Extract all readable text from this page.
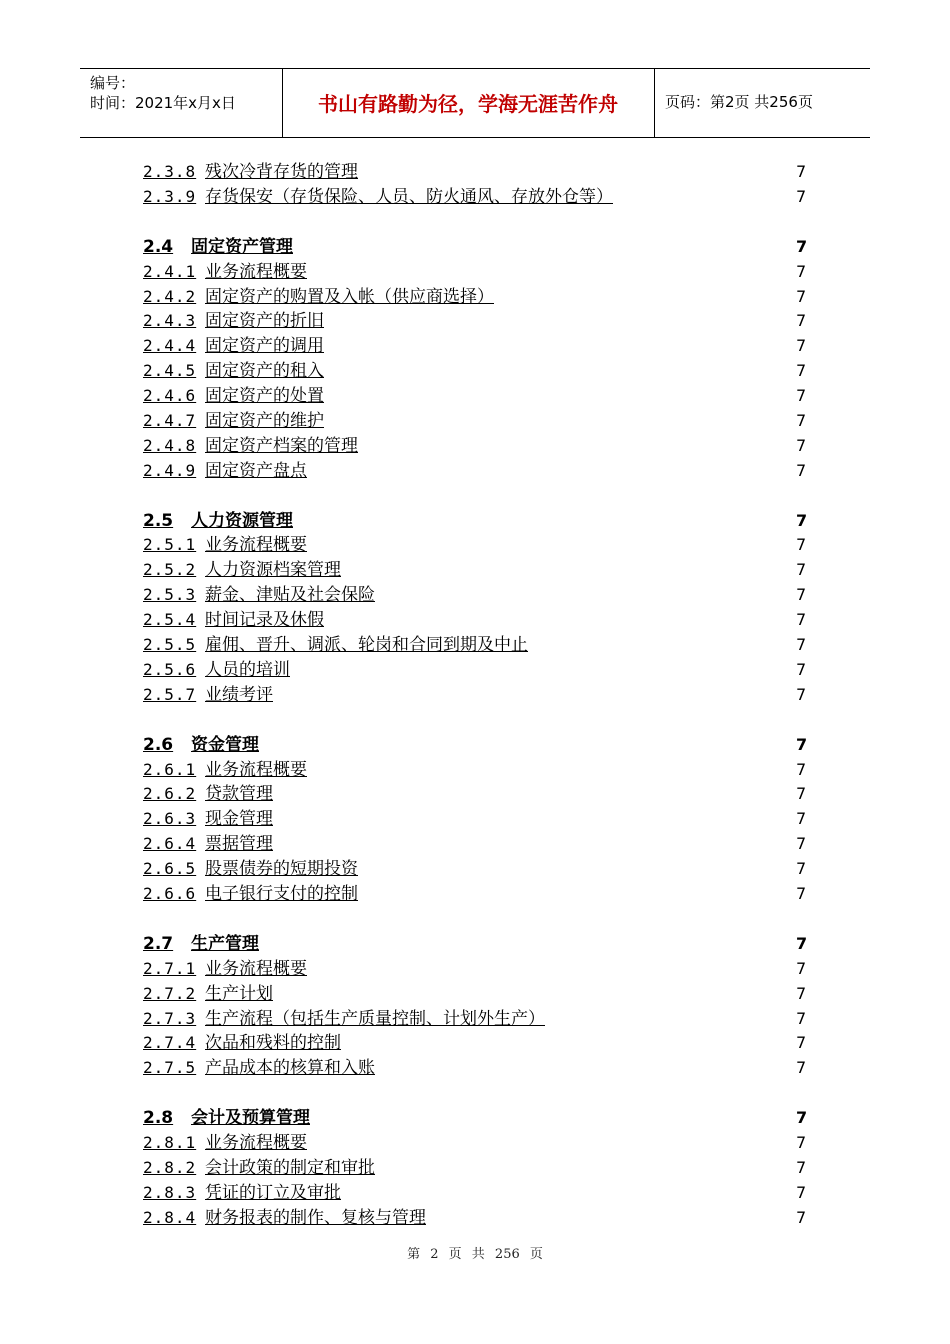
编号：
时间：2021年x月x日	书山有路勤为径，学海无涯苦作舟	页码：第2页 共256页
2.3.8 残次冷背存货的管理	7
2.3.9 存货保安（存货保险、人员、防火通风、存放外仓等）	7
2.4 固定资产管理	7
2.4.1 业务流程概要	7
2.4.2 固定资产的购置及入帐（供应商选择）	7
2.4.3 固定资产的折旧	7
2.4.4 固定资产的调用	7
2.4.5 固定资产的租入	7
2.4.6 固定资产的处置	7
2.4.7 固定资产的维护	7
2.4.8 固定资产档案的管理	7
2.4.9 固定资产盘点	7
2.5 人力资源管理	7
2.5.1 业务流程概要	7
2.5.2 人力资源档案管理	7
2.5.3 薪金、津贴及社会保险	7
2.5.4 时间记录及休假	7
2.5.5 雇佣、晋升、调派、轮岗和合同到期及中止	7
2.5.6 人员的培训	7
2.5.7 业绩考评	7
2.6 资金管理	7
2.6.1 业务流程概要	7
2.6.2 贷款管理	7
2.6.3 现金管理	7
2.6.4 票据管理	7
2.6.5 股票债券的短期投资	7
2.6.6 电子银行支付的控制	7
2.7 生产管理	7
2.7.1 业务流程概要	7
2.7.2 生产计划	7
2.7.3 生产流程（包括生产质量控制、计划外生产）	7
2.7.4 次品和残料的控制	7
2.7.5 产品成本的核算和入账	7
2.8 会计及预算管理	7
2.8.1 业务流程概要	7
2.8.2 会计政策的制定和审批	7
2.8.3 凭证的订立及审批	7
2.8.4 财务报表的制作、复核与管理	7
第 2 页 共 256 页
